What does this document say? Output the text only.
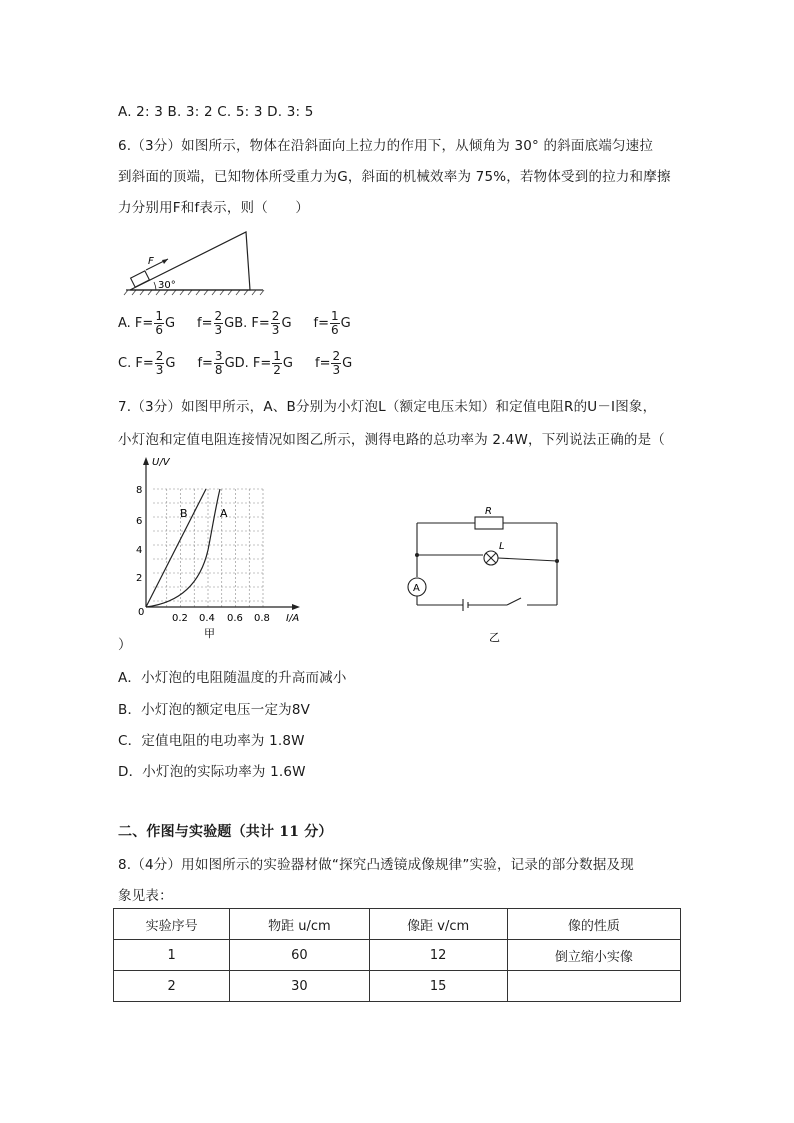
A. 2: 3 B. 3: 2 C. 5: 3 D. 3: 5
6.（3分）如图所示，物体在沿斜面向上拉力的作用下，从倾角为 30° 的斜面底端匀速拉
到斜面的顶端，已知物体所受重力为G，斜面的机械效率为 75%，若物体受到的拉力和摩擦
力分别用F和f表示，则（　　）
F
30°
A. $F= \frac{1}{6}$ G $f= \frac{2}{3}$ GB. $F= \frac{2}{3}$ G $f= \frac{1}{6}$ G
C. $F= \frac{2}{3}$ G $f= \frac{3}{8}$ GD. $F= \frac{1}{2}$ G $f= \frac{2}{3}$ G
7.（3分）如图甲所示，A、B分别为小灯泡L（额定电压未知）和定值电阻R的U－I图象，
小灯泡和定值电阻连接情况如图乙所示，测得电路的总功率为 2.4W，下列说法正确的是（
U/V
I/A
0
2
4
6
8
0.2 0.4 0.6 0.8
B	A
甲
R
L
A
乙
）
A．小灯泡的电阻随温度的升高而减小
B．小灯泡的额定电压一定为8V
C．定值电阻的电功率为 1.8W
D．小灯泡的实际功率为 1.6W
二、作图与实验题（共计 11 分）
8.（4分）用如图所示的实验器材做“探究凸透镜成像规律”实验，记录的部分数据及现
象见表：
实验序号	物距 u/cm	像距 v/cm	像的性质
1	60	12	倒立缩小实像
2	30	15	
